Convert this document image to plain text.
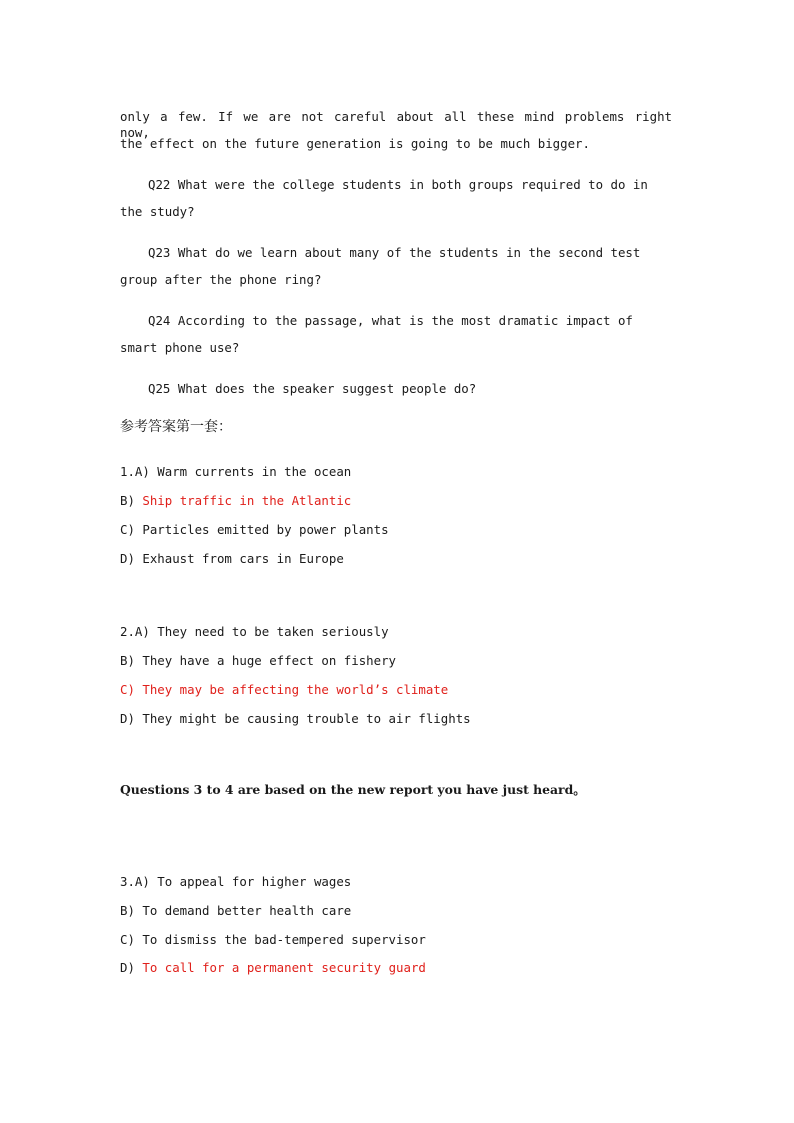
only a few. If we are not careful about all these mind problems right now,
the effect on the future generation is going to be much bigger.
Q22 What were the college students in both groups required to do in
the study?
Q23 What do we learn about many of the students in the second test
group after the phone ring?
Q24 According to the passage, what is the most dramatic impact of
smart phone use?
Q25 What does the speaker suggest people do?
参考答案第一套：
1.A) Warm currents in the ocean
B) Ship traffic in the Atlantic
C) Particles emitted by power plants
D) Exhaust from cars in Europe
2.A) They need to be taken seriously
B) They have a huge effect on fishery
C) They may be affecting the world’s climate
D) They might be causing trouble to air flights
Questions 3 to 4 are based on the new report you have just heard。
3.A) To appeal for higher wages
B) To demand better health care
C) To dismiss the bad-tempered supervisor
D) To call for a permanent security guard
